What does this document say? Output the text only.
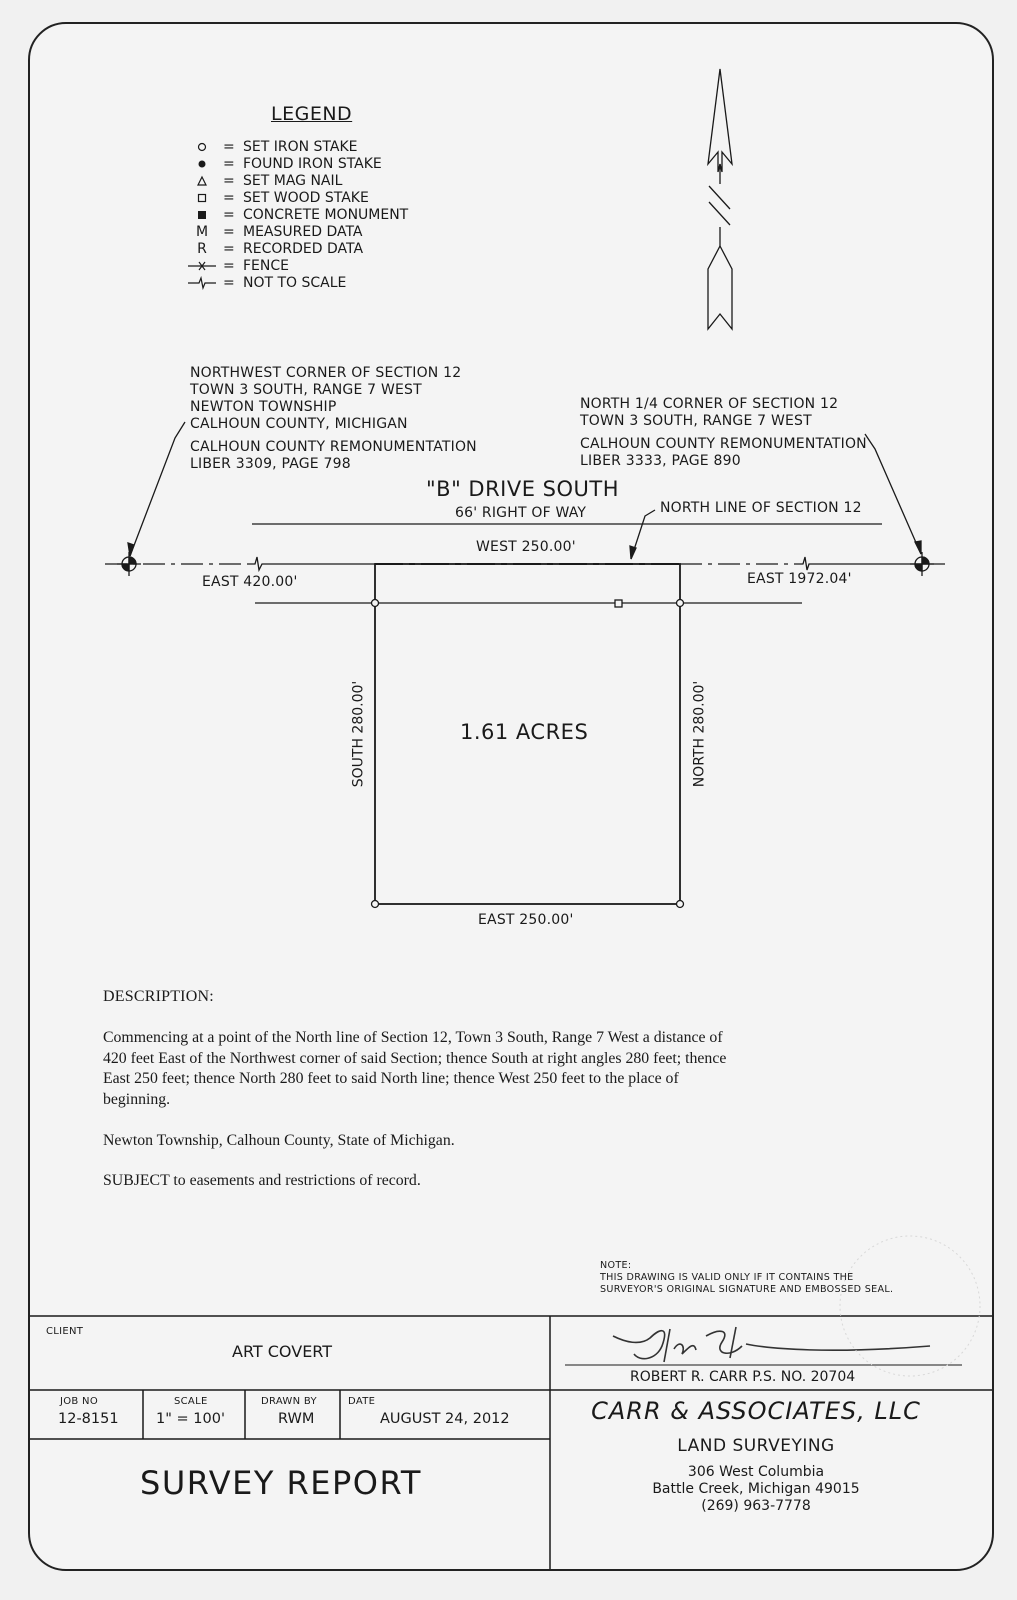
LEGEND
= SET IRON STAKE
= FOUND IRON STAKE
= SET MAG NAIL
= SET WOOD STAKE
= CONCRETE MONUMENT
M	= MEASURED DATA
R	= RECORDED DATA
= FENCE
= NOT TO SCALE

NORTHWEST CORNER OF SECTION 12

TOWN 3 SOUTH, RANGE 7 WEST

NEWTON TOWNSHIP

CALHOUN COUNTY, MICHIGAN

CALHOUN COUNTY REMONUMENTATION

LIBER 3309, PAGE 798

NORTH 1/4 CORNER OF SECTION 12

TOWN 3 SOUTH, RANGE 7 WEST

CALHOUN COUNTY REMONUMENTATION

LIBER 3333, PAGE 890

"B" DRIVE SOUTH
66' RIGHT OF WAY	NORTH LINE OF SECTION 12
WEST 250.00'
EAST 420.00'	EAST 1972.04'
SOUTH 280.00'	NORTH 280.00'
EAST 250.00'
1.61 ACRES
DESCRIPTION:
Commencing at a point of the North line of Section 12, Town 3 South, Range 7 West a distance of
420 feet East of the Northwest corner of said Section; thence South at right angles 280 feet; thence
East 250 feet; thence North 280 feet to said North line; thence West 250 feet to the place of
beginning.
Newton Township, Calhoun County, State of Michigan.
SUBJECT to easements and restrictions of record.

NOTE:

THIS DRAWING IS VALID ONLY IF IT CONTAINS THE

SURVEYOR'S ORIGINAL SIGNATURE AND EMBOSSED SEAL.

CLIENT
ART COVERT
JOB NO
12-8151
SCALE
1" = 100'
DRAWN BY
RWM
DATE
AUGUST 24, 2012
SURVEY REPORT
ROBERT R. CARR P.S. NO. 20704
CARR & ASSOCIATES, LLC
LAND SURVEYING
306 West Columbia
Battle Creek, Michigan 49015
(269) 963-7778
